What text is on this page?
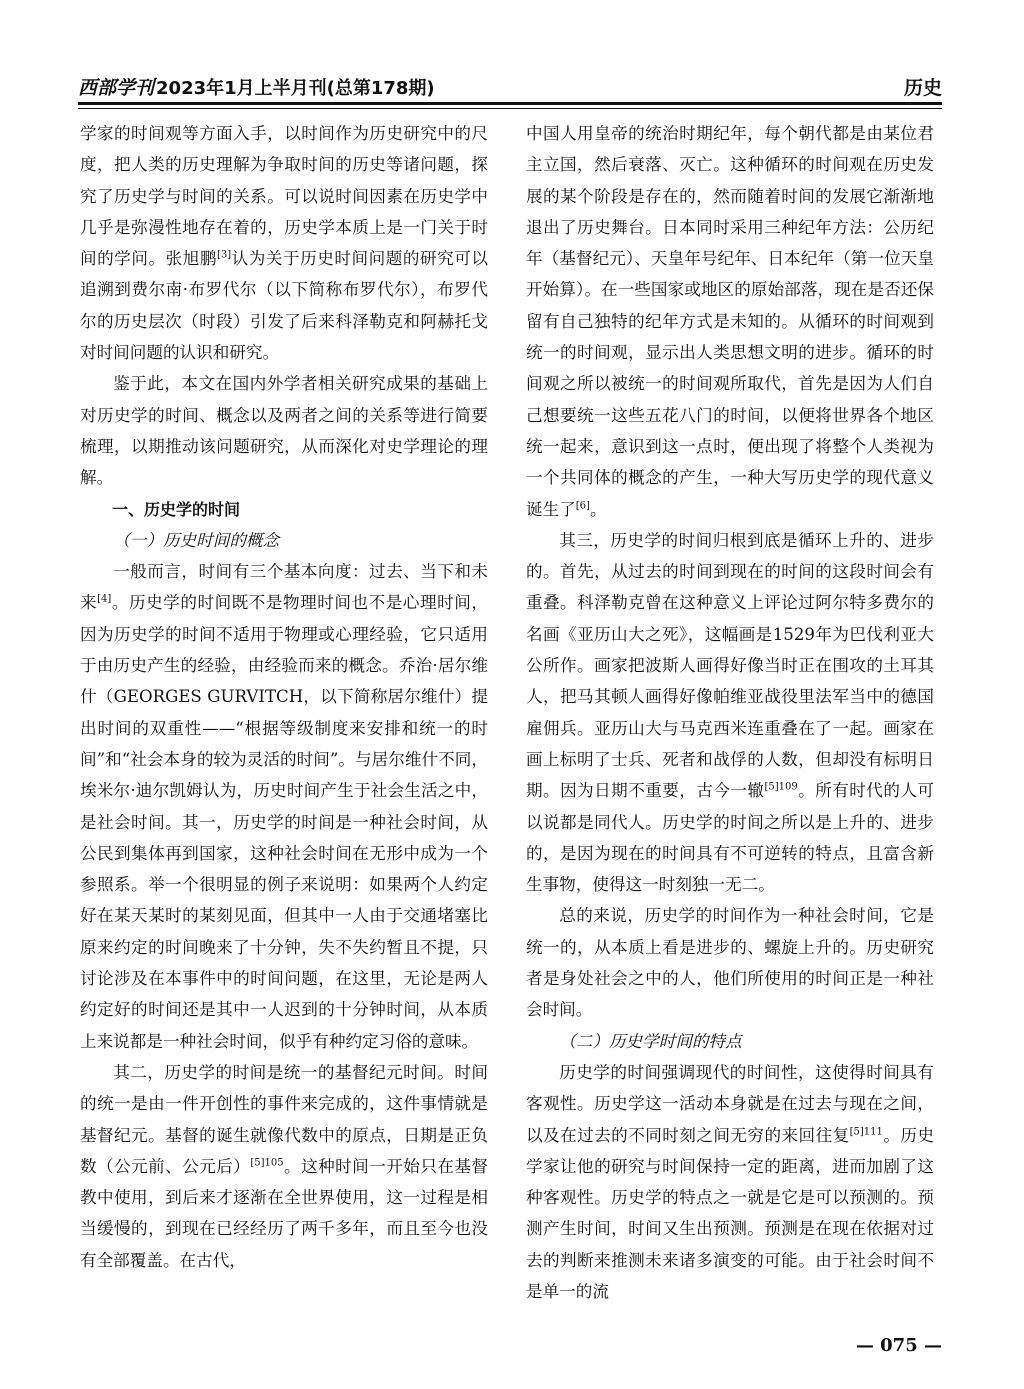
西部学刊 2023年1月上半月刊(总第178期)	历史

学家的时间观等方面入手，以时间作为历史研究中的尺度，把人类的历史理解为争取时间的历史等诸问题，探究了历史学与时间的关系。可以说时间因素在历史学中几乎是弥漫性地存在着的，历史学本质上是一门关于时间的学问。张旭鹏[3]认为关于历史时间问题的研究可以追溯到费尔南·布罗代尔（以下简称布罗代尔），布罗代尔的历史层次（时段）引发了后来科泽勒克和阿赫托戈对时间问题的认识和研究。

鉴于此，本文在国内外学者相关研究成果的基础上对历史学的时间、概念以及两者之间的关系等进行简要梳理，以期推动该问题研究，从而深化对史学理论的理解。

一、历史学的时间

（一）历史时间的概念

一般而言，时间有三个基本向度：过去、当下和未来[4]。历史学的时间既不是物理时间也不是心理时间，因为历史学的时间不适用于物理或心理经验，它只适用于由历史产生的经验，由经验而来的概念。乔治·居尔维什（GEORGES GURVITCH，以下简称居尔维什）提出时间的双重性——“根据等级制度来安排和统一的时间”和“社会本身的较为灵活的时间”。与居尔维什不同，埃米尔·迪尔凯姆认为，历史时间产生于社会生活之中，是社会时间。其一，历史学的时间是一种社会时间，从公民到集体再到国家，这种社会时间在无形中成为一个参照系。举一个很明显的例子来说明：如果两个人约定好在某天某时的某刻见面，但其中一人由于交通堵塞比原来约定的时间晚来了十分钟，失不失约暂且不提，只讨论涉及在本事件中的时间问题，在这里，无论是两人约定好的时间还是其中一人迟到的十分钟时间，从本质上来说都是一种社会时间，似乎有种约定习俗的意味。

其二，历史学的时间是统一的基督纪元时间。时间的统一是由一件开创性的事件来完成的，这件事情就是基督纪元。基督的诞生就像代数中的原点，日期是正负数（公元前、公元后）$^{[5]105}$。这种时间一开始只在基督教中使用，到后来才逐渐在全世界使用，这一过程是相当缓慢的，到现在已经经历了两千多年，而且至今也没有全部覆盖。在古代，

中国人用皇帝的统治时期纪年，每个朝代都是由某位君主立国，然后衰落、灭亡。这种循环的时间观在历史发展的某个阶段是存在的，然而随着时间的发展它渐渐地退出了历史舞台。日本同时采用三种纪年方法：公历纪年（基督纪元）、天皇年号纪年、日本纪年（第一位天皇开始算）。在一些国家或地区的原始部落，现在是否还保留有自己独特的纪年方式是未知的。从循环的时间观到统一的时间观，显示出人类思想文明的进步。循环的时间观之所以被统一的时间观所取代，首先是因为人们自己想要统一这些五花八门的时间，以便将世界各个地区统一起来，意识到这一点时，便出现了将整个人类视为一个共同体的概念的产生，一种大写历史学的现代意义诞生了[6]。

其三，历史学的时间归根到底是循环上升的、进步的。首先，从过去的时间到现在的时间的这段时间会有重叠。科泽勒克曾在这种意义上评论过阿尔特多费尔的名画《亚历山大之死》，这幅画是1529年为巴伐利亚大公所作。画家把波斯人画得好像当时正在围攻的土耳其人，把马其顿人画得好像帕维亚战役里法军当中的德国雇佣兵。亚历山大与马克西米连重叠在了一起。画家在画上标明了士兵、死者和战俘的人数，但却没有标明日期。因为日期不重要，古今一辙$^{[5]109}$。所有时代的人可以说都是同代人。历史学的时间之所以是上升的、进步的，是因为现在的时间具有不可逆转的特点，且富含新生事物，使得这一时刻独一无二。

总的来说，历史学的时间作为一种社会时间，它是统一的，从本质上看是进步的、螺旋上升的。历史研究者是身处社会之中的人，他们所使用的时间正是一种社会时间。

（二）历史学时间的特点

历史学的时间强调现代的时间性，这使得时间具有客观性。历史学这一活动本身就是在过去与现在之间，以及在过去的不同时刻之间无穷的来回往复$^{[5]111}$。历史学家让他的研究与时间保持一定的距离，进而加剧了这种客观性。历史学的特点之一就是它是可以预测的。预测产生时间，时间又生出预测。预测是在现在依据对过去的判断来推测未来诸多演变的可能。由于社会时间不是单一的流

— 075 —
